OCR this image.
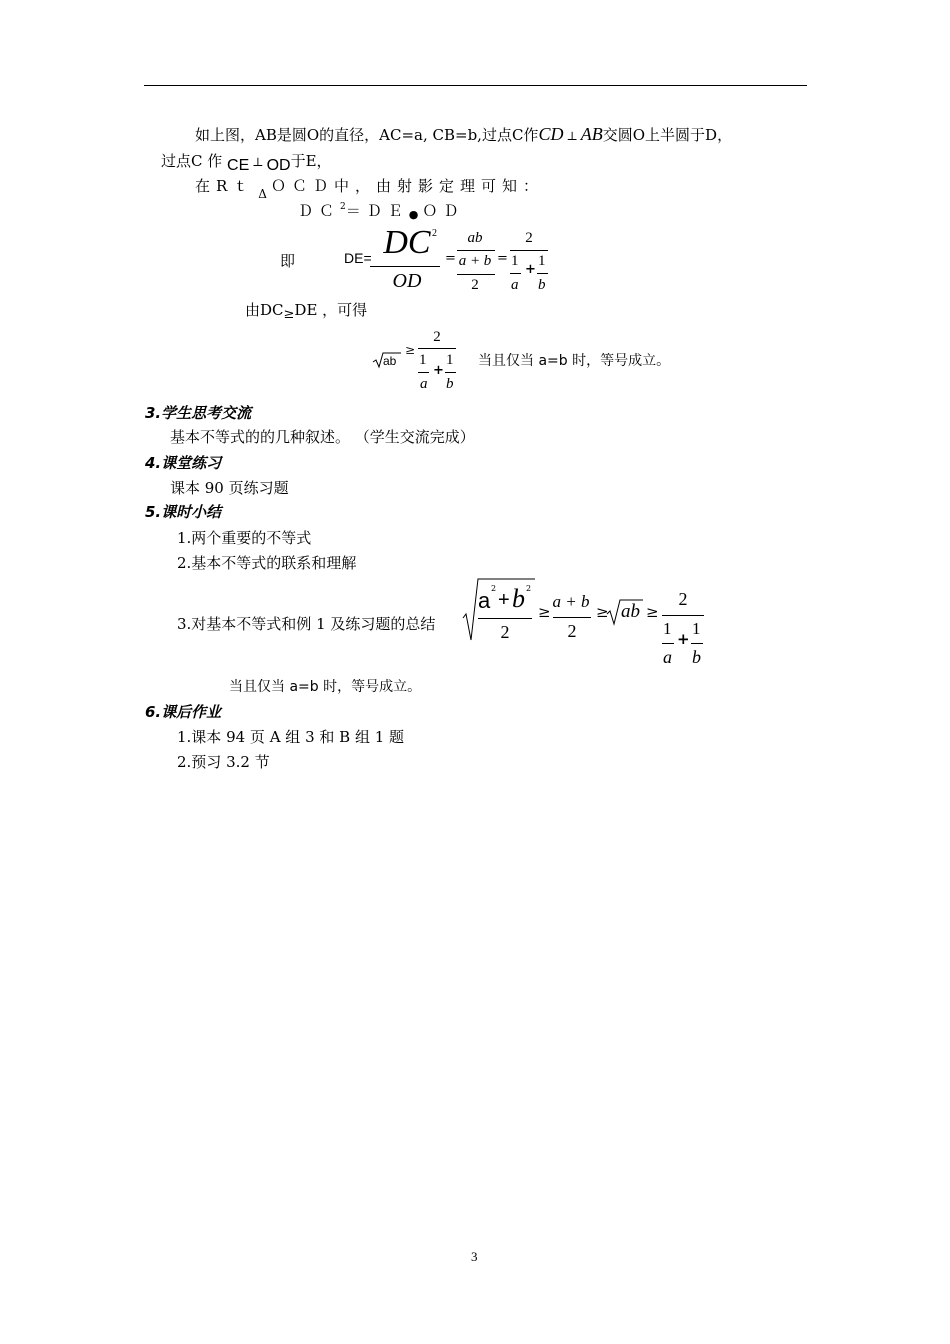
如上图，AB是圆O的直径，AC=a, CB=b,过点C作CD ⊥ AB交圆O上半圆于D，
过点C 作 CE ⊥ OD于E，
在Rｔ $_\Delta$ ＯＣＤ中，由射影定理可知：
ＤＣ$^2$＝ＤＥ● ＯＤ
即	DE= DC 2
OD
=
ab
a + b
2
=
2
1 1
+
a b
由DC≥DE ，可得
ab
≥
2
1 1
+
a b
当且仅当 a=b 时，等号成立。
3.学生思考交流
基本不等式的的几种叙述。 （学生交流完成）
4.课堂练习
课本 90 页练习题
5.课时小结
1.两个重要的不等式
2.基本不等式的联系和理解
3.对基本不等式和例 1 及练习题的总结
a 2
+ b 2
2
≥
a + b
2
≥ ab ≥
2
1 1
+
a b
当且仅当 a=b 时，等号成立。
6.课后作业
1.课本 94 页 A 组 3 和 B 组 1 题
2.预习 3.2 节
3
